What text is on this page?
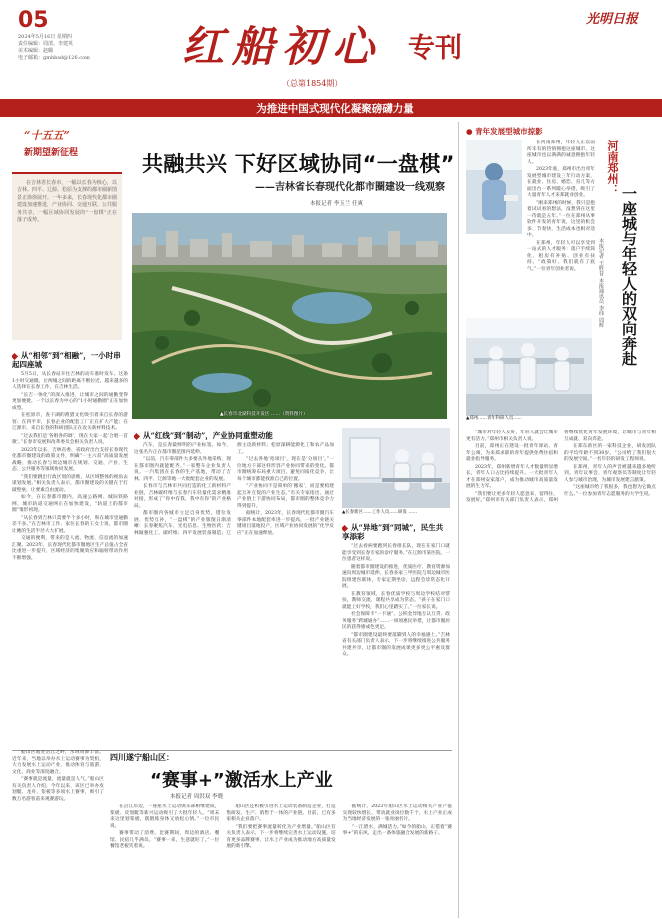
05
2024年5月16日 星期四
责任编辑：周清、李建英
美术编辑：赵璐
电子邮箱：gmhbsd@126.com	红船初心 专刊
（总第1854期）
光明日报
为推进中国式现代化凝聚磅礴力量
“十五五”
新期望新征程

在吉林省长春市，一幅以长春为核心，以吉林、四平、辽源、松原为支撑的都市圈新图景正徐徐展开。一年多来，长春现代化都市圈建设加速推进，产业协同、交通互联、公共服务共享，一幅区域协同发展的“一盘棋”正在落子成势。

共融共兴 下好区域协同“一盘棋”
——吉林省长春现代化都市圈建设一线观察
本报记者 李玉兰 任爽
▲长春市北湖科技开发区 ……（资料图片）
从“相邻”到“相融”，一小时串起四座城

5月5日，从长春站开往吉林的动车准时发车。这条1小时交通圈，让两城之间的距离不断拉近，越来越多的人选择在长春工作、在吉林生活。

“长吉一体化”的深入推进，让城市之间的通勤变得更加便捷。一个以长春为中心的“1小时通勤圈”正在加快成型。

在松原市，查干湖的渔猎文化吸引着来自长春的游客；在四平市，长春企业的配套工厂正在扩大产能；在辽源市，来自长春的科研团队正在攻关新材料技术。

“过去我们是‘各唱各的调’，现在大家一起‘合唱一首歌’。”长春市发展和改革委员会相关负责人说。

2023年以来，吉林省委、省政府出台支持长春现代化都市圈建设的政策文件，明确“一主六双”高质量发展战略，推动长春与周边城市在规划、交通、产业、生态、公共服务等领域协同发展。

“我们要跳出行政区划的思维，从区域整体的视角去谋划发展。”相关负责人表示，都市圈建设的关键在于打破壁垒，让要素自由流动。

如今，在长春都市圈内，高速公路网、城际铁路网、城市轨道交通网正在加快建设，“轨道上的都市圈”雏形初现。

“从长春到吉林只需要半个多小时，和在城市里通勤差不多。”在吉林市工作、家住长春的王女士说，都市圈让她的生活半径大大扩展。

交通的便利，带来的是人流、物流、信息流的加速汇聚。2023年，长春现代化都市圈地区生产总值占全省比重进一步提升，区域经济的集聚效应和辐射带动作用不断增强。

从“红线”到“制动”，产业协同重塑动能

汽车，是长春最鲜明的产业标签。如今，这张名片正在都市圈范围内延伸。

“以前，汽车零部件大多要从外地采购，现在都市圈内就能配齐。”一家整车企业负责人说。一汽集团在长春的生产基地，带动了吉林、四平、辽源等地一大批配套企业的发展。

长春市与吉林市共同打造的化工新材料产业链，吉林碳纤维与长春汽车轻量化需求精准对接，形成了“你中有我、我中有你”的产业格局。

都市圈内各城市立足自身优势，错位发展、优势互补，“一盘棋”的产业版图日渐清晰：长春聚焦汽车、光电信息、生物医药；吉林做强化工、碳纤维；四平发展装备制造；辽源主攻新材料；松原深耕能源化工和农产品加工。

“过去各地‘抢项目’，现在是‘分项目’。”一位地方干部这样形容产业协同带来的变化。都市圈统筹布局重大项目，避免同质化竞争，让每个城市都能找准自己的位置。

“产业协同不是简单的‘搬家’，而是要构建起互补互促的产业生态。”有关专家指出，通过产业链上下游协同布局，都市圈的整体竞争力得到提升。

据统计，2023年，长春现代化都市圈汽车零部件本地配套率进一步提高，一批产业链关键项目落地投产，区域产业协同发展的“化学反应”正在加速释放。

▲长春新区……工作人员……研发 ……
从“异地”到“同城”，民生共享添彩

“过去看病要跑到长春排长队，现在在家门口就能享受到长春专家的诊疗服务。”在辽源市某医院，一位患者这样说。

随着都市圈建设的推进，优质医疗、教育资源加速向周边城市延伸。长春多家三甲医院与周边城市医院组建医联体，专家定期坐诊，远程会诊常态化开展。

在教育领域，长春优质学校与周边学校结对帮扶，教师交流、课程共享成为常态。“孩子在家门口就能上好学校，我们心里踏实了。”一位家长说。

社会保障卡“一卡通”、公积金异地互认互贷、政务服务“跨城通办”……一项项惠民举措，让都市圈居民的获得感成色更足。

“都市圈建设最终要落脚到人的幸福感上。”吉林省有关部门负责人表示，下一步将继续推进公共服务共建共享，让都市圈的发展成果更多更公平惠及群众。

● 青年发展型城市掠影
河南郑州：
一座城与年轻人的双向奔赴
本报记者 王胜昔 本报通讯员 李纬 周辉

在河南郑州，年轻人正以前所未有的热情拥抱这座城市，这座城市也以满满的诚意拥抱年轻人。

2023年底，郑州市出台青年发展型城市建设三年行动方案，在就业、住房、婚恋、育儿等方面出台一系列暖心举措，吸引了大量青年人才来郑就业创业。

“刚来郑州的时候，我只是抱着试试看的想法，没想到在这里一待就是五年。”一位在郑州从事软件开发的青年说，这里的机会多、节奏快，生活成本也相对适中。

在郑州，年轻人可以享受到一站式的人才服务：落户手续简化、租房有补贴、创业有扶持。“政策好，我们就有了底气。”一位青年创业者说。

▲郑州……青年科研人员……

“城市对年轻人友好，年轻人就会让城市更有活力。”郑州市相关负责人说。

目前，郑州正在建设一批青年驿站、青年公寓，为来郑求职的青年提供免费住宿和就业指导服务。

2023年，郑州新增青年人才数量明显增长，青年人口占比持续提升。一大批青年人才在郑州安家落户，成为推动城市高质量发展的生力军。

“我们要让更多年轻人愿意来、留得住、发展好。”郑州市有关部门负责人表示，郑州将继续优化青年发展环境，让城市与青年相互成就、双向奔赴。

在郑东新区的一家科技企业，研发团队的平均年龄不到30岁。“公司给了我们很大的发展空间。”一名年轻的研发工程师说。

在郑州，青年人的声音被越来越多地听到。青年议事会、青年观察员等制度让年轻人参与城市治理，为城市发展建言献策。

“这座城市给了我很多，我也想为它做点什么。”一位参加青年志愿服务的大学生说。

四川遂宁船山区：
“赛事+”激活水上产业
本报记者 周洪双 李晓

船山区地处涪江之畔，水域资源丰富。近年来，当地以举办水上运动赛事为契机，大力发展水上运动产业，推动体育与旅游、文化、商业等深度融合。

“赛事就是流量，流量就是人气。”船山区有关负责人介绍，今年以来，该区已举办皮划艇、龙舟、桨板等多项水上赛事，吸引了数万名游客前来观赛游玩。

在涪江岸边，一座座水上运动俱乐部相继建成，桨板、皮划艇等新兴运动吸引了大批年轻人。“周末来这里划桨板，既锻炼身体又放松心情。”一位市民说。

赛事带动了消费。比赛期间，周边的酒店、餐馆、民宿几乎满员。“赛事一来，生意就旺了。”一位餐馆老板笑着说。

船山区还积极引进水上运动装备制造企业，打造集研发、生产、销售于一体的产业链。目前，已有多家相关企业落户。

“我们要把赛事流量转化为产业增量。”船山区有关负责人表示，下一步将继续完善水上运动设施，培育更多品牌赛事，让水上产业成为推动地方高质量发展的新引擎。

据统计，2023年船山区水上运动相关产业产值实现较快增长，带动就业岗位数千个，水上产业正成为当地经济发展的一张亮丽名片。

“一江碧水，满城活力。”如今的船山，正借着“赛事+”的东风，走出一条体旅融合发展的新路子。
